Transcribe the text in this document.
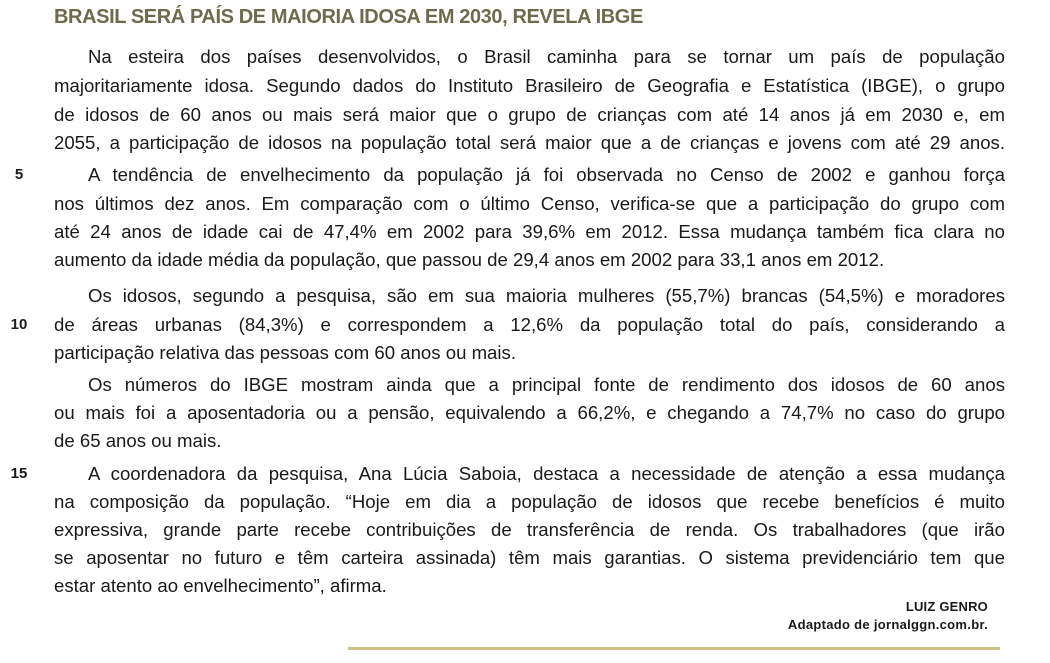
BRASIL SERÁ PAÍS DE MAIORIA IDOSA EM 2030, REVELA IBGE
Na esteira dos países desenvolvidos, o Brasil caminha para se tornar um país de população
majoritariamente idosa. Segundo dados do Instituto Brasileiro de Geografia e Estatística (IBGE), o grupo
de idosos de 60 anos ou mais será maior que o grupo de crianças com até 14 anos já em 2030 e, em
2055, a participação de idosos na população total será maior que a de crianças e jovens com até 29 anos.
5	A tendência de envelhecimento da população já foi observada no Censo de 2002 e ganhou força
nos últimos dez anos. Em comparação com o último Censo, verifica-se que a participação do grupo com
até 24 anos de idade cai de 47,4% em 2002 para 39,6% em 2012. Essa mudança também fica clara no
aumento da idade média da população, que passou de 29,4 anos em 2002 para 33,1 anos em 2012.
Os idosos, segundo a pesquisa, são em sua maioria mulheres (55,7%) brancas (54,5%) e moradores
10 de áreas urbanas (84,3%) e correspondem a 12,6% da população total do país, considerando a
participação relativa das pessoas com 60 anos ou mais.
Os números do IBGE mostram ainda que a principal fonte de rendimento dos idosos de 60 anos
ou mais foi a aposentadoria ou a pensão, equivalendo a 66,2%, e chegando a 74,7% no caso do grupo
de 65 anos ou mais.
15	A coordenadora da pesquisa, Ana Lúcia Saboia, destaca a necessidade de atenção a essa mudança
na composição da população. “Hoje em dia a população de idosos que recebe benefícios é muito
expressiva, grande parte recebe contribuições de transferência de renda. Os trabalhadores (que irão
se aposentar no futuro e têm carteira assinada) têm mais garantias. O sistema previdenciário tem que
estar atento ao envelhecimento”, afirma.
LUIZ GENRO
Adaptado de jornalggn.com.br.
